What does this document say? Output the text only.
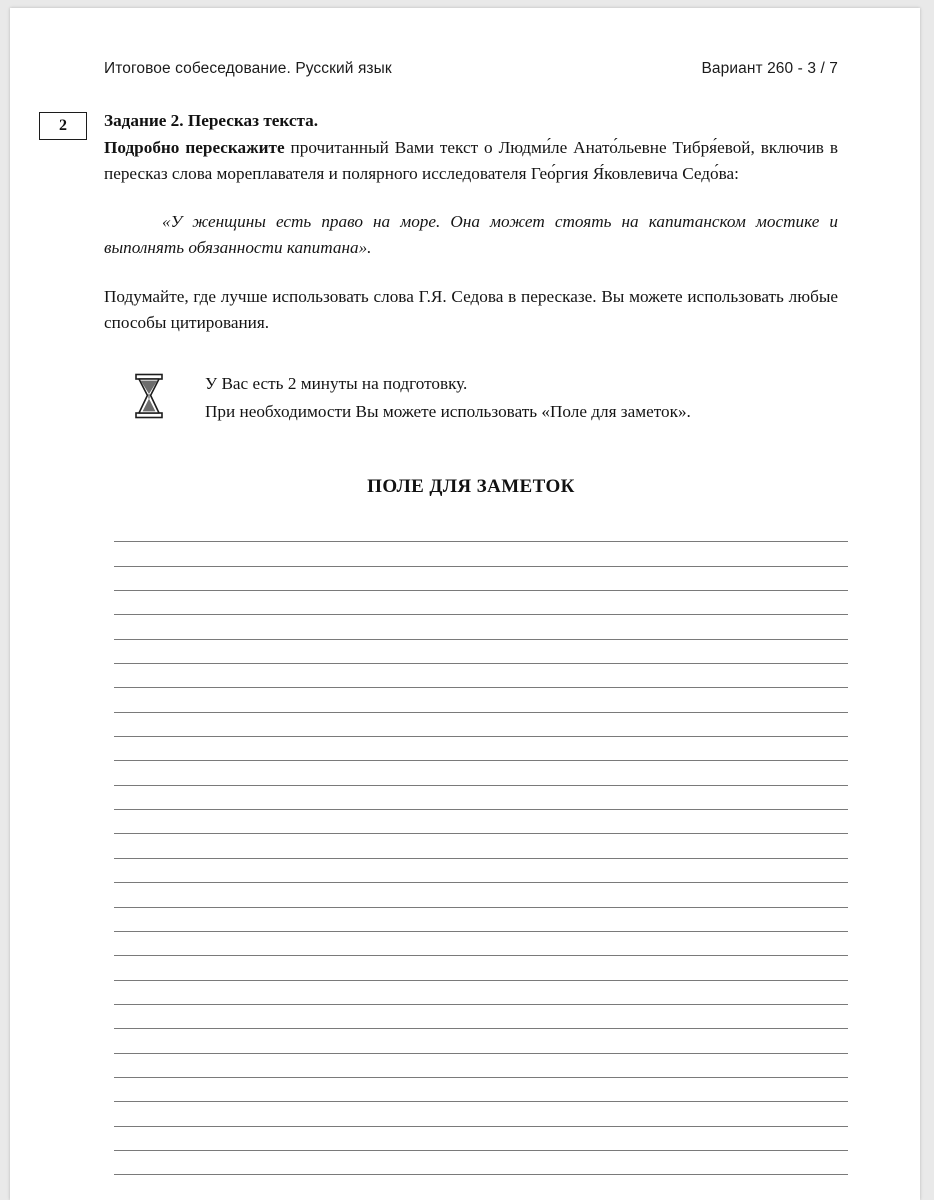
Итоговое собеседование. Русский язык	Вариант 260 - 3 / 7
2 Задание 2. Пересказ текста.

Подробно перескажите прочитанный Вами текст о Людми́ле Анато́льевне Тибря́евой, включив в пересказ слова мореплавателя и полярного исследователя Гео́ргия Я́ковлевича Седо́ва:

«У женщины есть право на море. Она может стоять на капитанском мостике и выполнять обязанности капитана».

Подумайте, где лучше использовать слова Г.Я. Седова в пересказе. Вы можете использовать любые способы цитирования.

У Вас есть 2 минуты на подготовку.
При необходимости Вы можете использовать «Поле для заметок».
ПОЛЕ ДЛЯ ЗАМЕТОК
